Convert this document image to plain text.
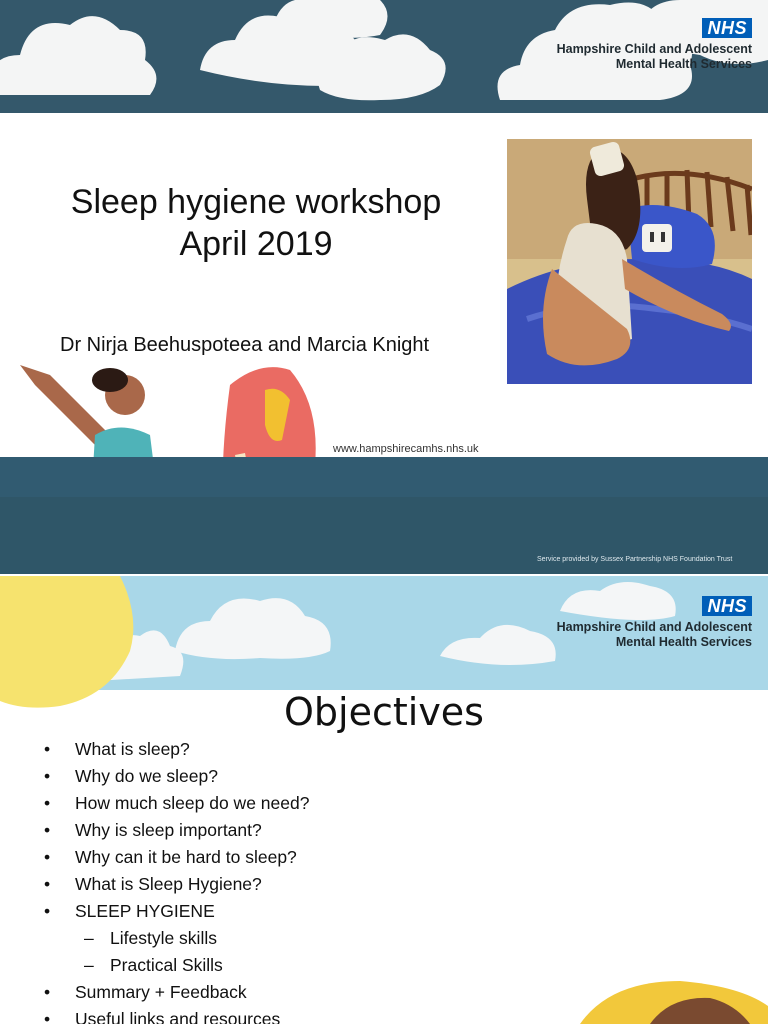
NHS
Hampshire Child and Adolescent
Mental Health Services
Sleep hygiene workshop
April 2019
Dr Nirja Beehuspoteea and Marcia Knight
www.hampshirecamhs.nhs.uk
Service provided by Sussex Partnership NHS Foundation Trust
NHS
Hampshire Child and Adolescent
Mental Health Services
Objectives
• What is sleep?
• Why do we sleep?
• How much sleep do we need?
• Why is sleep important?
• Why can it be hard to sleep?
• What is Sleep Hygiene?
• SLEEP HYGIENE
– Lifestyle skills
– Practical Skills
• Summary + Feedback
• Useful links and resources
